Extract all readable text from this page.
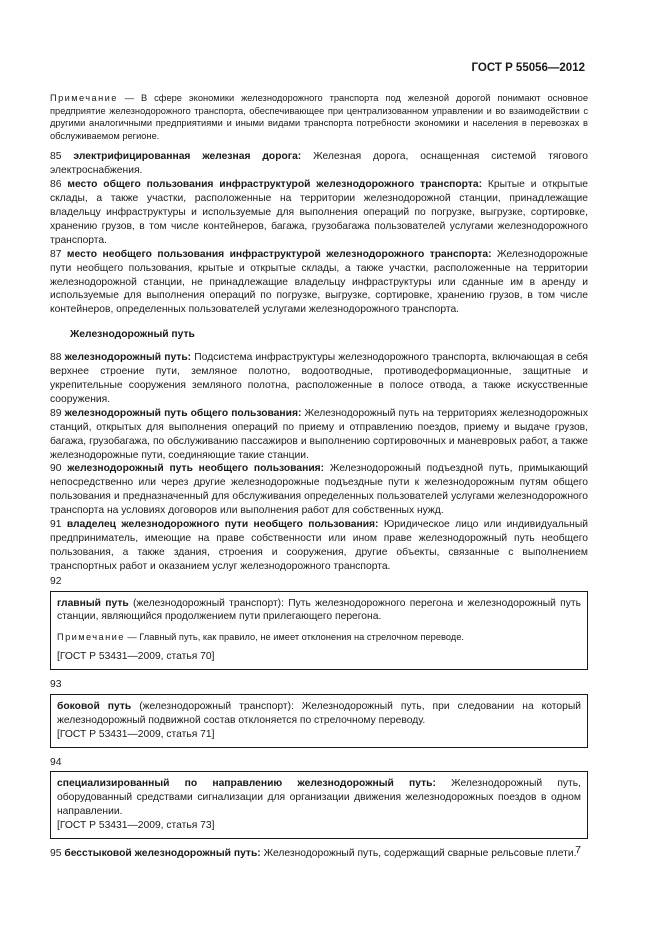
ГОСТ Р 55056—2012

Примечание — В сфере экономики железнодорожного транспорта под железной дорогой понимают основное предприятие железнодорожного транспорта, обеспечивающее при централизованном управлении и во взаимодействии с другими аналогичными предприятиями и иными видами транспорта потребности экономики и населения в перевозках в обслуживаемом регионе.

85 электрифицированная железная дорога: Железная дорога, оснащенная системой тягового электроснабжения.

86 место общего пользования инфраструктурой железнодорожного транспорта: Крытые и открытые склады, а также участки, расположенные на территории железнодорожной станции, принадлежащие владельцу инфраструктуры и используемые для выполнения операций по погрузке, выгрузке, сортировке, хранению грузов, в том числе контейнеров, багажа, грузобагажа пользователей услугами железнодорожного транспорта.

87 место необщего пользования инфраструктурой железнодорожного транспорта: Железнодорожные пути необщего пользования, крытые и открытые склады, а также участки, расположенные на территории железнодорожной станции, не принадлежащие владельцу инфраструктуры или сданные им в аренду и используемые для выполнения операций по погрузке, выгрузке, сортировке, хранению грузов, в том числе контейнеров, определенных пользователей услугами железнодорожного транспорта.

Железнодорожный путь

88 железнодорожный путь: Подсистема инфраструктуры железнодорожного транспорта, включающая в себя верхнее строение пути, земляное полотно, водоотводные, противодеформационные, защитные и укрепительные сооружения земляного полотна, расположенные в полосе отвода, а также искусственные сооружения.

89 железнодорожный путь общего пользования: Железнодорожный путь на территориях железнодорожных станций, открытых для выполнения операций по приему и отправлению поездов, приему и выдаче грузов, багажа, грузобагажа, по обслуживанию пассажиров и выполнению сортировочных и маневровых работ, а также железнодорожные пути, соединяющие такие станции.

90 железнодорожный путь необщего пользования: Железнодорожный подъездной путь, примыкающий непосредственно или через другие железнодорожные подъездные пути к железнодорожным путям общего пользования и предназначенный для обслуживания определенных пользователей услугами железнодорожного транспорта на условиях договоров или выполнения работ для собственных нужд.

91 владелец железнодорожного пути необщего пользования: Юридическое лицо или индивидуальный предприниматель, имеющие на праве собственности или ином праве железнодорожный путь необщего пользования, а также здания, строения и сооружения, другие объекты, связанные с выполнением транспортных работ и оказанием услуг железнодорожного транспорта.

92

главный путь (железнодорожный транспорт): Путь железнодорожного перегона и железнодорожный путь станции, являющийся продолжением пути прилегающего перегона.

Примечание — Главный путь, как правило, не имеет отклонения на стрелочном переводе.

[ГОСТ Р 53431—2009, статья 70]

93

боковой путь (железнодорожный транспорт): Железнодорожный путь, при следовании на который железнодорожный подвижной состав отклоняется по стрелочному переводу.

[ГОСТ Р 53431—2009, статья 71]

94

специализированный по направлению железнодорожный путь: Железнодорожный путь, оборудованный средствами сигнализации для организации движения железнодорожных поездов в одном направлении.

[ГОСТ Р 53431—2009, статья 73]

95 бесстыковой железнодорожный путь: Железнодорожный путь, содержащий сварные рельсовые плети.

7
